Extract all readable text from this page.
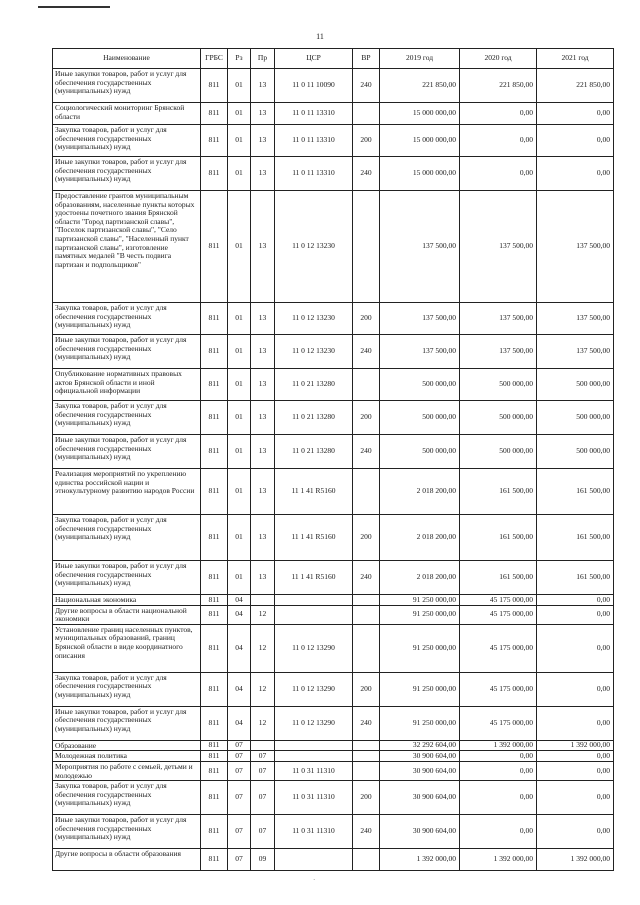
11
Наименование	ГРБС	Рз	Пр	ЦСР	ВР	2019 год	2020 год	2021 год
Иные закупки товаров, работ и услуг для обеспечения государственных (муниципальных) нужд	811	01	13	11 0 11 10090	240	221 850,00	221 850,00	221 850,00
Социологический мониторинг Брянской области	811	01	13	11 0 11 13310		15 000 000,00	0,00	0,00
Закупка товаров, работ и услуг для обеспечения государственных (муниципальных) нужд	811	01	13	11 0 11 13310	200	15 000 000,00	0,00	0,00
Иные закупки товаров, работ и услуг для обеспечения государственных (муниципальных) нужд	811	01	13	11 0 11 13310	240	15 000 000,00	0,00	0,00
Предоставление грантов муниципальным образованиям, населенные пункты которых удостоены почетного звания Брянской области "Город партизанской славы", "Поселок партизанской славы", "Село партизанской славы", "Населенный пункт партизанской славы", изготовление памятных медалей "В честь подвига партизан и подпольщиков"	811	01	13	11 0 12 13230		137 500,00	137 500,00	137 500,00
Закупка товаров, работ и услуг для обеспечения государственных (муниципальных) нужд	811	01	13	11 0 12 13230	200	137 500,00	137 500,00	137 500,00
Иные закупки товаров, работ и услуг для обеспечения государственных (муниципальных) нужд	811	01	13	11 0 12 13230	240	137 500,00	137 500,00	137 500,00
Опубликование нормативных правовых актов Брянской области и иной официальной информации	811	01	13	11 0 21 13280		500 000,00	500 000,00	500 000,00
Закупка товаров, работ и услуг для обеспечения государственных (муниципальных) нужд	811	01	13	11 0 21 13280	200	500 000,00	500 000,00	500 000,00
Иные закупки товаров, работ и услуг для обеспечения государственных (муниципальных) нужд	811	01	13	11 0 21 13280	240	500 000,00	500 000,00	500 000,00
Реализация мероприятий по укреплению единства российской нации и этнокультурному развитию народов России	811	01	13	11 1 41 R5160		2 018 200,00	161 500,00	161 500,00
Закупка товаров, работ и услуг для обеспечения государственных (муниципальных) нужд	811	01	13	11 1 41 R5160	200	2 018 200,00	161 500,00	161 500,00
Иные закупки товаров, работ и услуг для обеспечения государственных (муниципальных) нужд	811	01	13	11 1 41 R5160	240	2 018 200,00	161 500,00	161 500,00
Национальная экономика	811	04				91 250 000,00	45 175 000,00	0,00
Другие вопросы в области национальной экономики	811	04	12			91 250 000,00	45 175 000,00	0,00
Установление границ населенных пунктов, муниципальных образований, границ Брянской области в виде координатного описания	811	04	12	11 0 12 13290		91 250 000,00	45 175 000,00	0,00
Закупка товаров, работ и услуг для обеспечения государственных (муниципальных) нужд	811	04	12	11 0 12 13290	200	91 250 000,00	45 175 000,00	0,00
Иные закупки товаров, работ и услуг для обеспечения государственных (муниципальных) нужд	811	04	12	11 0 12 13290	240	91 250 000,00	45 175 000,00	0,00
Образование	811	07				32 292 604,00	1 392 000,00	1 392 000,00
Молодежная политика	811	07	07			30 900 604,00	0,00	0,00
Мероприятия по работе с семьей, детьми и молодежью	811	07	07	11 0 31 11310		30 900 604,00	0,00	0,00
Закупка товаров, работ и услуг для обеспечения государственных (муниципальных) нужд	811	07	07	11 0 31 11310	200	30 900 604,00	0,00	0,00
Иные закупки товаров, работ и услуг для обеспечения государственных (муниципальных) нужд	811	07	07	11 0 31 11310	240	30 900 604,00	0,00	0,00
Другие вопросы в области образования	811	07	09			1 392 000,00	1 392 000,00	1 392 000,00
·
